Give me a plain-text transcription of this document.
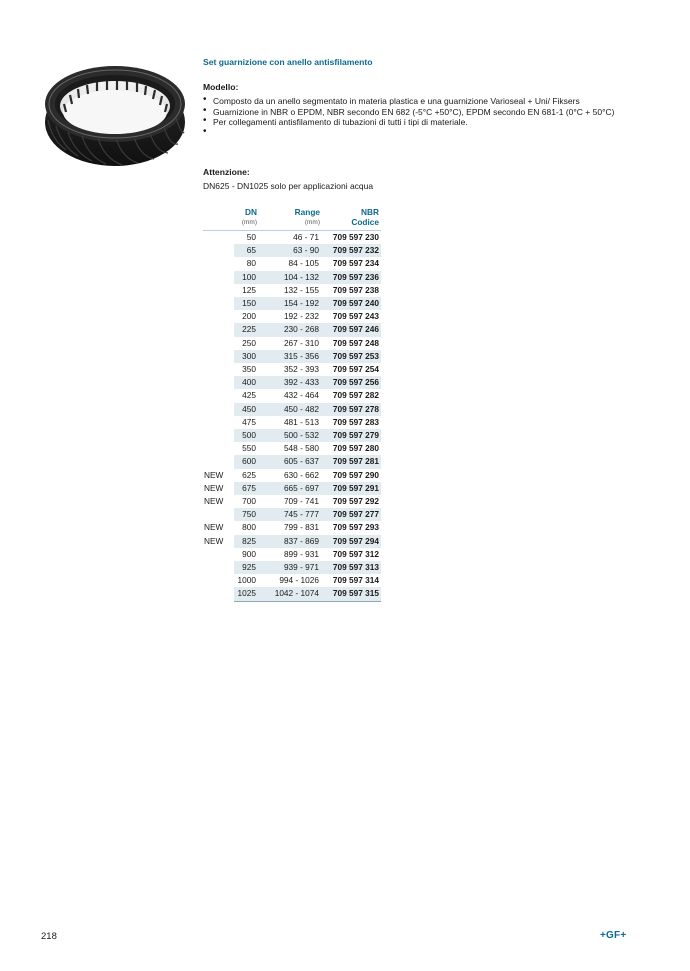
Set guarnizione con anello antisfilamento
Modello:
• Composto da un anello segmentato in materia plastica e una guarnizione Varioseal + Uni/ Fiksers
• Guarnizione in NBR o EPDM, NBR secondo EN 682 (-5°C +50°C), EPDM secondo EN 681-1 (0°C + 50°C)
• Per collegamenti antisfilamento di tubazioni di tutti i tipi di materiale.
•
Attenzione:
DN625 - DN1025 solo per applicazioni acqua
	DN	Range	NBR

	(mm)	(mm)	Codice
	50	46 - 71	709 597 230
	65	63 - 90	709 597 232
	80	84 - 105	709 597 234
	100	104 - 132	709 597 236
	125	132 - 155	709 597 238
	150	154 - 192	709 597 240
	200	192 - 232	709 597 243
	225	230 - 268	709 597 246
	250	267 - 310	709 597 248
	300	315 - 356	709 597 253
	350	352 - 393	709 597 254
	400	392 - 433	709 597 256
	425	432 - 464	709 597 282
	450	450 - 482	709 597 278
	475	481 - 513	709 597 283
	500	500 - 532	709 597 279
	550	548 - 580	709 597 280
	600	605 - 637	709 597 281
NEW	625	630 - 662	709 597 290
NEW	675	665 - 697	709 597 291
NEW	700	709 - 741	709 597 292
	750	745 - 777	709 597 277
NEW	800	799 - 831	709 597 293
NEW	825	837 - 869	709 597 294
	900	899 - 931	709 597 312
	925	939 - 971	709 597 313
	1000	994 - 1026	709 597 314
	1025	1042 - 1074	709 597 315
218	+GF+
